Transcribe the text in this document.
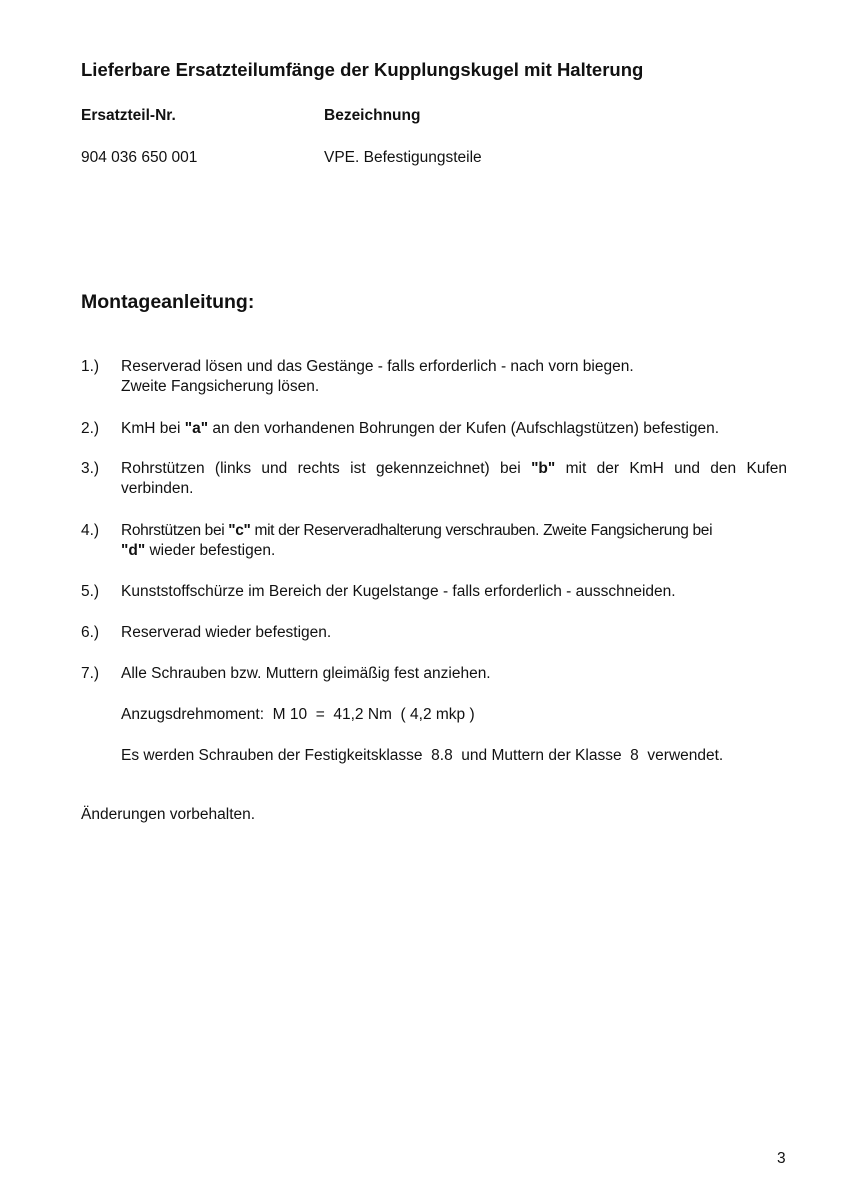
Lieferbare Ersatzteilumfänge der Kupplungskugel mit Halterung
Ersatzteil-Nr.	Bezeichnung
904 036 650 001	VPE. Befestigungsteile
Montageanleitung:
1.) Reserverad lösen und das Gestänge - falls erforderlich - nach vorn biegen.
Zweite Fangsicherung lösen.
2.) KmH bei "a" an den vorhandenen Bohrungen der Kufen (Aufschlagstützen) befestigen.
3.) Rohrstützen (links und rechts ist gekennzeichnet) bei "b" mit der KmH und den Kufen
verbinden.
4.) Rohrstützen bei "c" mit der Reserveradhalterung verschrauben. Zweite Fangsicherung bei
"d" wieder befestigen.
5.) Kunststoffschürze im Bereich der Kugelstange - falls erforderlich - ausschneiden.
6.) Reserverad wieder befestigen.
7.) Alle Schrauben bzw. Muttern gleimäßig fest anziehen.
Anzugsdrehmoment:  M 10  =  41,2 Nm  ( 4,2 mkp )
Es werden Schrauben der Festigkeitsklasse  8.8  und Muttern der Klasse  8  verwendet.
Änderungen vorbehalten.
3
